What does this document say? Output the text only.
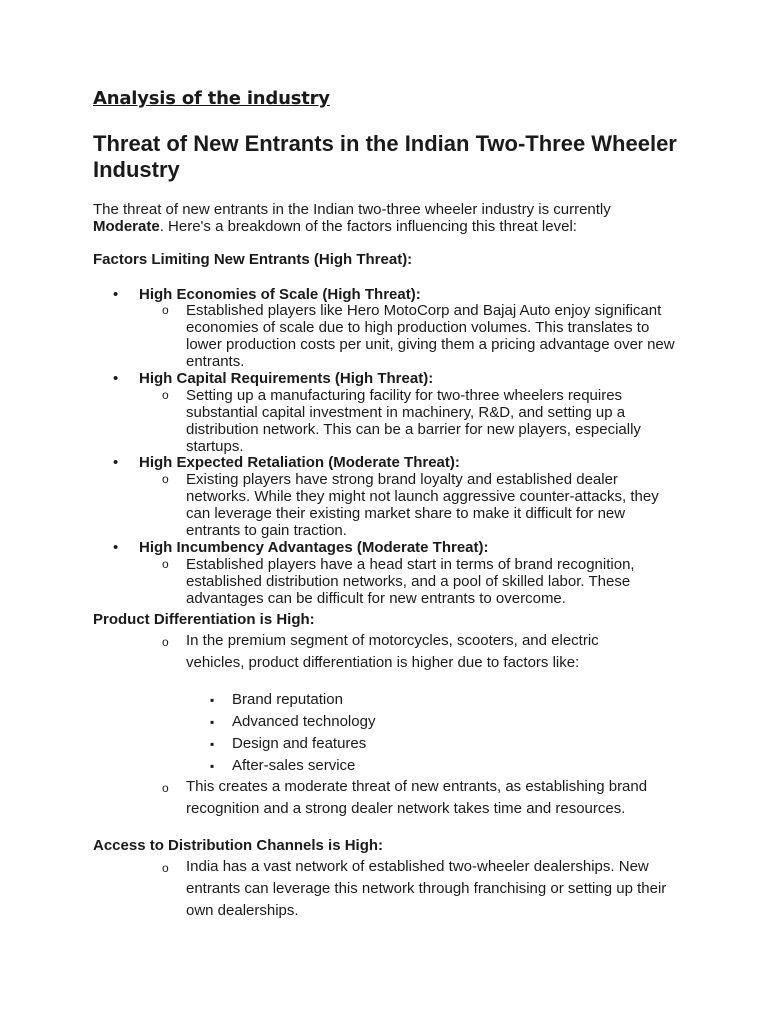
Analysis of the industry
Threat of New Entrants in the Indian Two-Three Wheeler Industry
The threat of new entrants in the Indian two-three wheeler industry is currently Moderate. Here's a breakdown of the factors influencing this threat level:
Factors Limiting New Entrants (High Threat):
• High Economies of Scale (High Threat):
o Established players like Hero MotoCorp and Bajaj Auto enjoy significant economies of scale due to high production volumes. This translates to lower production costs per unit, giving them a pricing advantage over new entrants.
• High Capital Requirements (High Threat):
o Setting up a manufacturing facility for two-three wheelers requires substantial capital investment in machinery, R&D, and setting up a distribution network. This can be a barrier for new players, especially startups.
• High Expected Retaliation (Moderate Threat):
o Existing players have strong brand loyalty and established dealer networks. While they might not launch aggressive counter-attacks, they can leverage their existing market share to make it difficult for new entrants to gain traction.
• High Incumbency Advantages (Moderate Threat):
o Established players have a head start in terms of brand recognition, established distribution networks, and a pool of skilled labor. These advantages can be difficult for new entrants to overcome.
Product Differentiation is High:
o In the premium segment of motorcycles, scooters, and electric vehicles, product differentiation is higher due to factors like:
▪ Brand reputation
▪ Advanced technology
▪ Design and features
▪ After-sales service
o This creates a moderate threat of new entrants, as establishing brand recognition and a strong dealer network takes time and resources.
Access to Distribution Channels is High:
o India has a vast network of established two-wheeler dealerships. New entrants can leverage this network through franchising or setting up their own dealerships.
